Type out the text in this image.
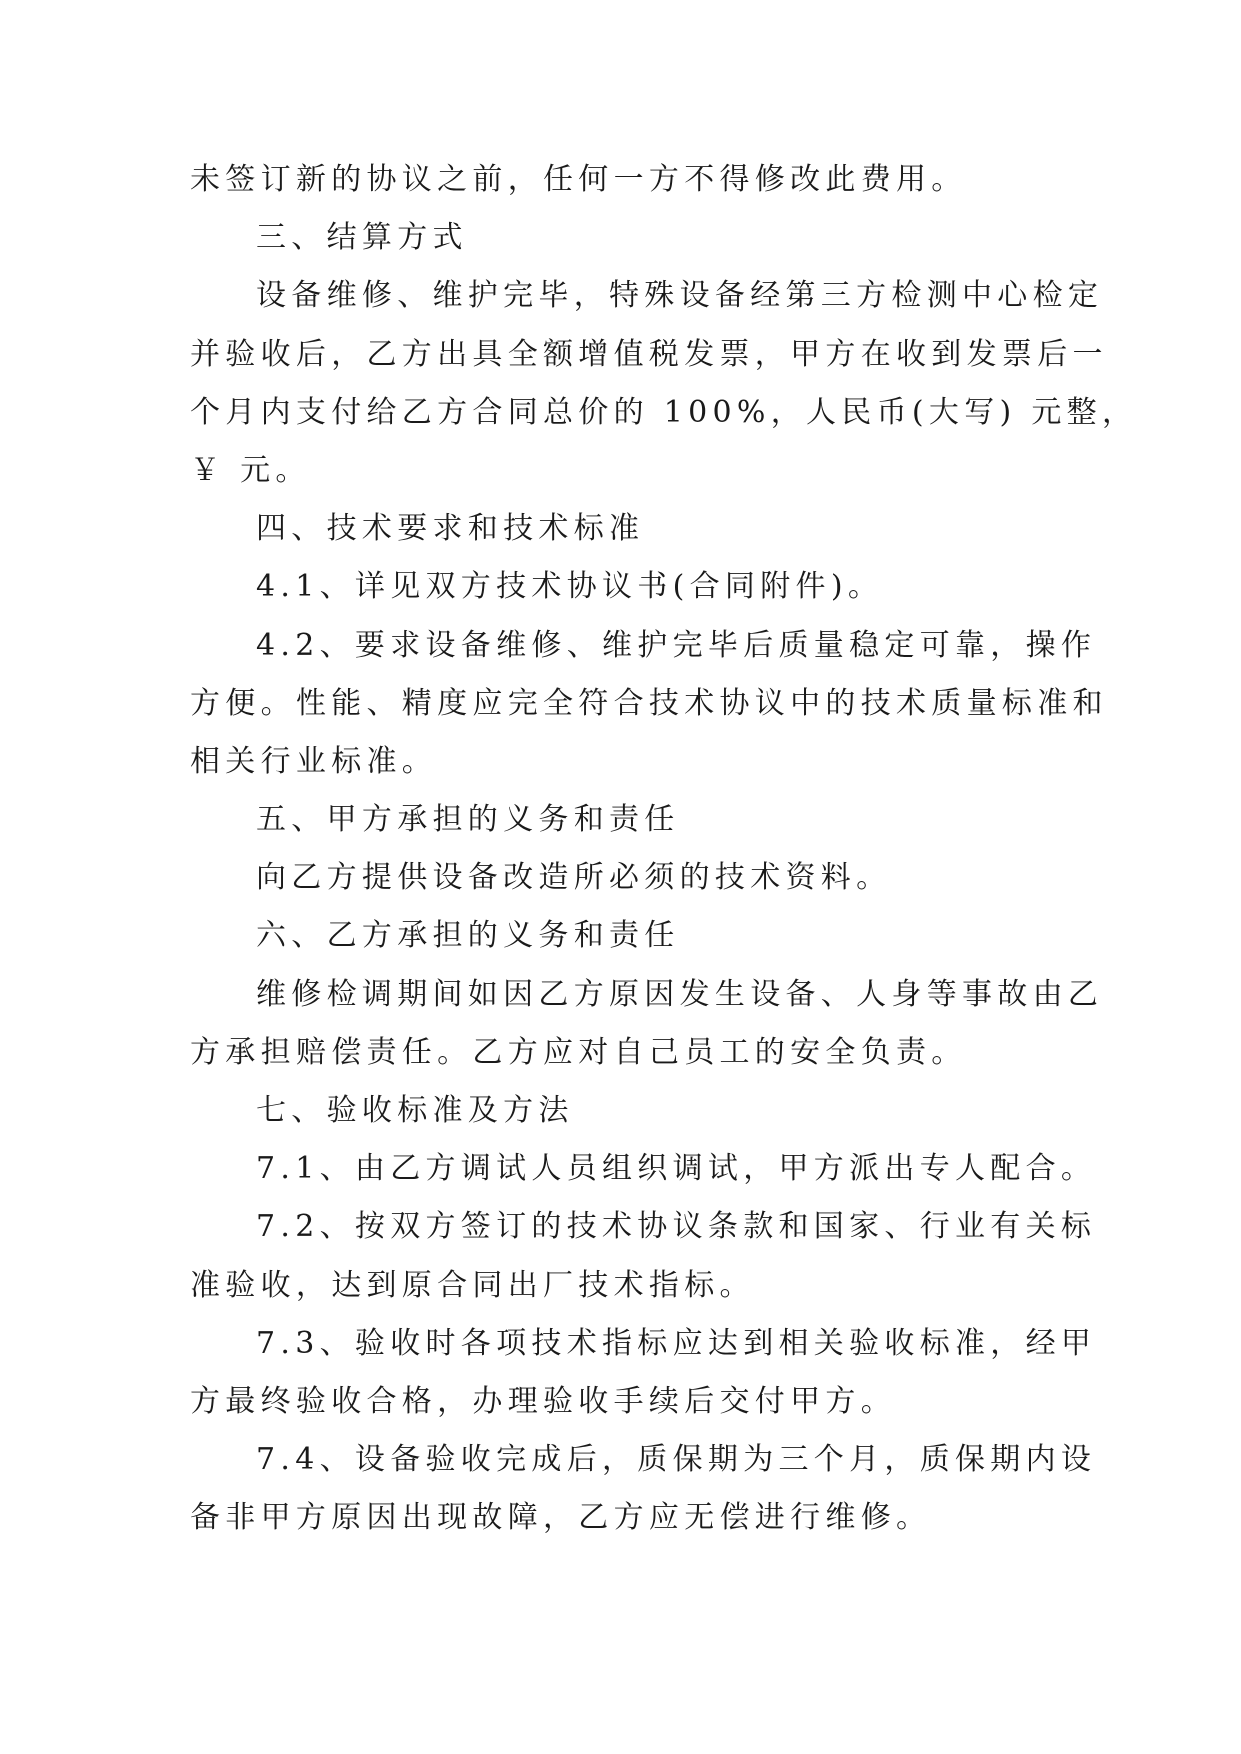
未签订新的协议之前，任何一方不得修改此费用。
三、结算方式
设备维修、维护完毕，特殊设备经第三方检测中心检定
并验收后，乙方出具全额增值税发票，甲方在收到发票后一
个月内支付给乙方合同总价的 100%，人民币(大写) 元整，
￥ 元。
四、技术要求和技术标准
4.1、详见双方技术协议书(合同附件)。
4.2、要求设备维修、维护完毕后质量稳定可靠，操作
方便。性能、精度应完全符合技术协议中的技术质量标准和
相关行业标准。
五、甲方承担的义务和责任
向乙方提供设备改造所必须的技术资料。
六、乙方承担的义务和责任
维修检调期间如因乙方原因发生设备、人身等事故由乙
方承担赔偿责任。乙方应对自己员工的安全负责。
七、验收标准及方法
7.1、由乙方调试人员组织调试，甲方派出专人配合。
7.2、按双方签订的技术协议条款和国家、行业有关标
准验收，达到原合同出厂技术指标。
7.3、验收时各项技术指标应达到相关验收标准，经甲
方最终验收合格，办理验收手续后交付甲方。
7.4、设备验收完成后，质保期为三个月，质保期内设
备非甲方原因出现故障，乙方应无偿进行维修。
